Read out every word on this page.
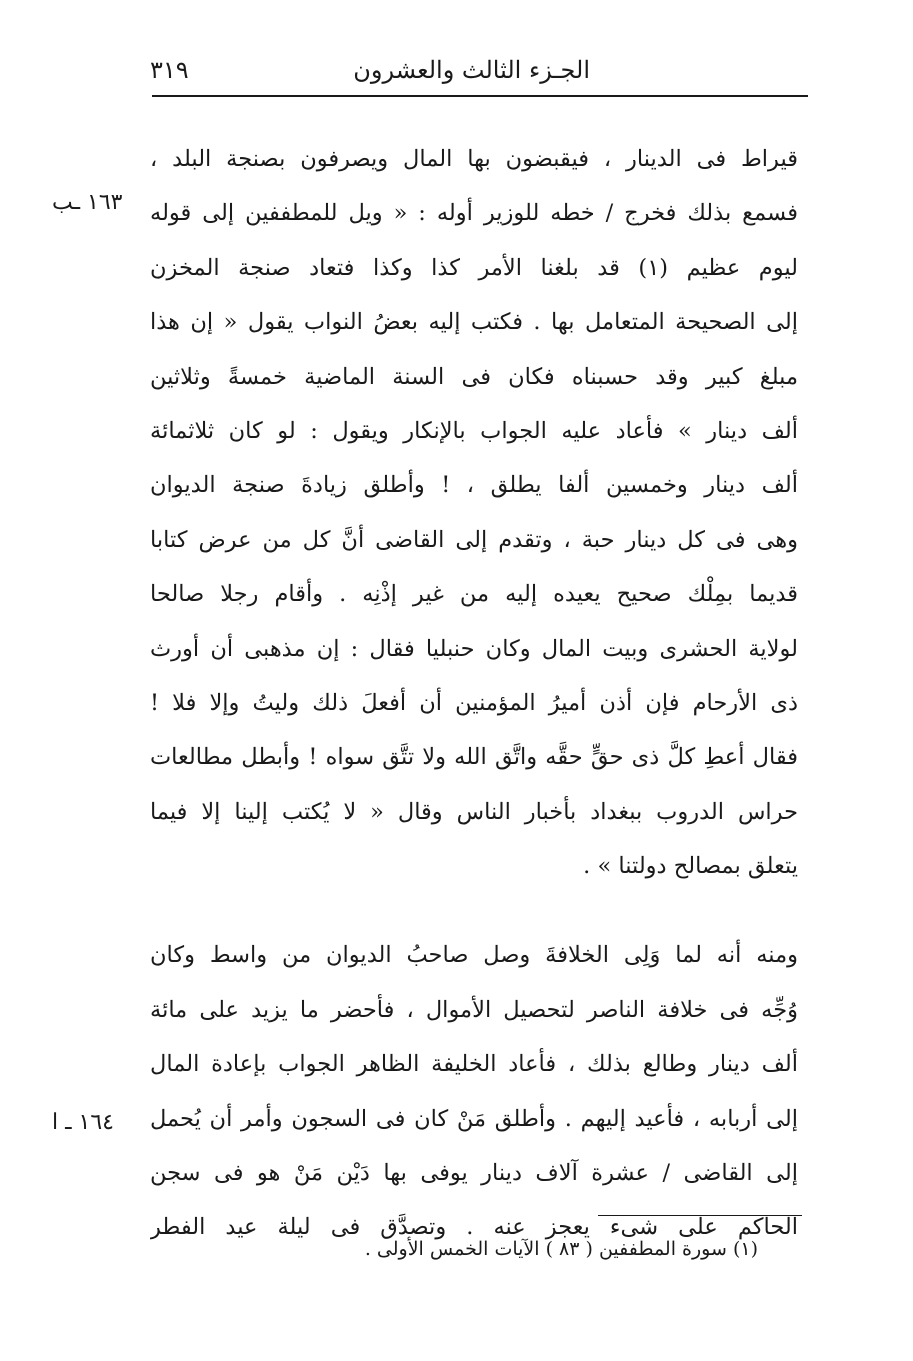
الجـزء الثالث والعشرون
٣١٩
١٦٣ ـب
١٦٤ ـ ا
قيراط فى الدينار ، فيقبضون بها المال ويصرفون بصنجة البلد ،
فسمع بذلك فخرج / خطه للوزير أوله : « ويل للمطففين إلى قوله
ليوم عظيم (١) قد بلغنا الأمر كذا وكذا فتعاد صنجة المخزن
إلى الصحيحة المتعامل بها . فكتب إليه بعضُ النواب يقول « إن هذا
مبلغ كبير وقد حسبناه فكان فى السنة الماضية خمسةً وثلاثين
ألف دينار » فأعاد عليه الجواب بالإنكار ويقول : لو كان ثلاثمائة
ألف دينار وخمسين ألفا يطلق ، ! وأطلق زيادةَ صنجة الديوان
وهى فى كل دينار حبة ، وتقدم إلى القاضى أنَّ كل من عرض كتابا
قديما بمِلْك صحيح يعيده إليه من غير إذْنِه . وأقام رجلا صالحا
لولاية الحشرى وبيت المال وكان حنبليا فقال : إن مذهبى أن أورث
ذى الأرحام فإن أذن أميرُ المؤمنين أن أفعلَ ذلك وليتُ وإلا فلا !
فقال أعطِ كلَّ ذى حقٍّ حقَّه واتَّق الله ولا تتَّق سواه ! وأبطل مطالعات
حراس الدروب ببغداد بأخبار الناس وقال « لا يُكتب إلينا إلا فيما
يتعلق بمصالح دولتنا » .
ومنه أنه لما وَلِى الخلافةَ وصل صاحبُ الديوان من واسط وكان
وُجِّه فى خلافة الناصر لتحصيل الأموال ، فأحضر ما يزيد على مائة
ألف دينار وطالع بذلك ، فأعاد الخليفة الظاهر الجواب بإعادة المال
إلى أربابه ، فأعيد إليهم . وأطلق مَنْ كان فى السجون وأمر أن يُحمل
إلى القاضى / عشرة آلاف دينار يوفى بها دَيْن مَنْ هو فى سجن
الحاكم على شىء يعجز عنه . وتصدَّق فى ليلة عيد الفطر
(١) سورة المطففين ( ٨٣ ) الآيات الخمس الأولى .
